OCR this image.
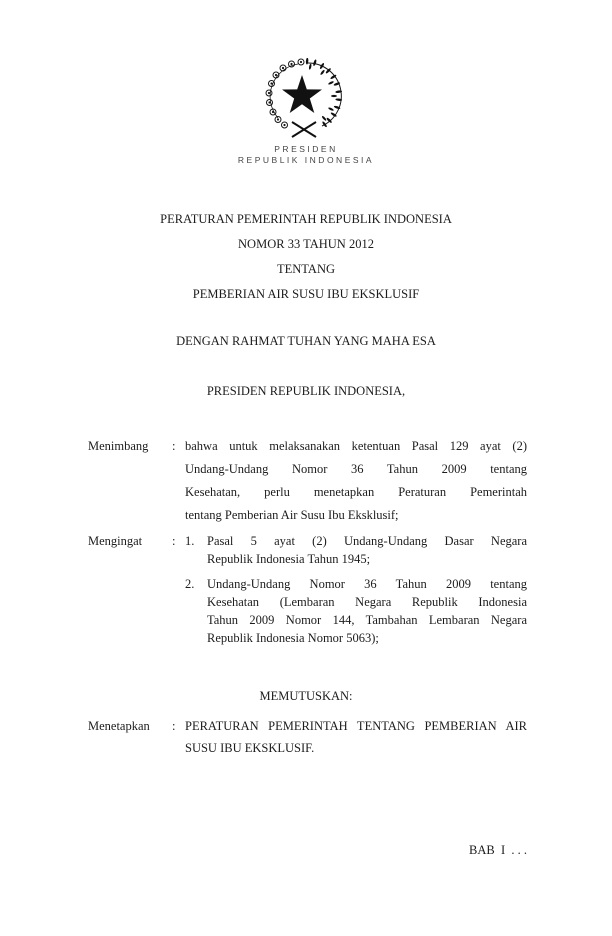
PRESIDEN
REPUBLIK INDONESIA
PERATURAN PEMERINTAH REPUBLIK INDONESIA
NOMOR 33 TAHUN 2012
TENTANG
PEMBERIAN AIR SUSU IBU EKSKLUSIF
DENGAN RAHMAT TUHAN YANG MAHA ESA
PRESIDEN REPUBLIK INDONESIA,
Menimbang	: bahwa untuk melaksanakan ketentuan Pasal 129 ayat (2)
Undang-Undang Nomor 36 Tahun 2009 tentang
Kesehatan, perlu menetapkan Peraturan Pemerintah
tentang Pemberian Air Susu Ibu Eksklusif;
Mengingat	: 1.	Pasal 5 ayat (2) Undang-Undang Dasar Negara
Republik Indonesia Tahun 1945;
2.	Undang-Undang Nomor 36 Tahun 2009 tentang
Kesehatan (Lembaran Negara Republik Indonesia
Tahun 2009 Nomor 144, Tambahan Lembaran Negara
Republik Indonesia Nomor 5063);
MEMUTUSKAN:
Menetapkan	: PERATURAN PEMERINTAH TENTANG PEMBERIAN AIR
SUSU IBU EKSKLUSIF.
BAB  I  . . .
